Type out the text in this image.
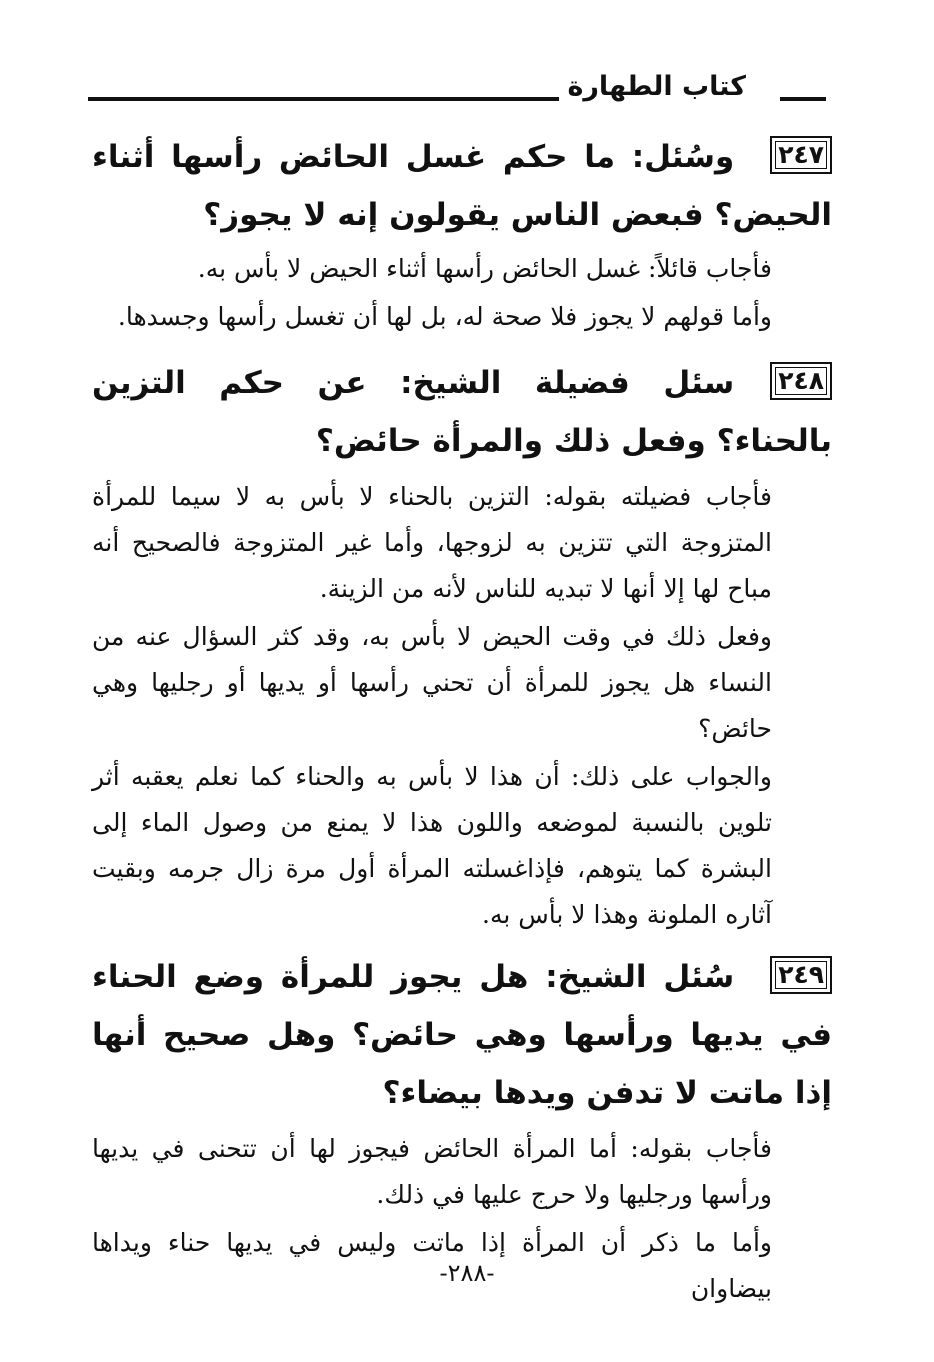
كتاب الطهارة

٢٤٧وسُئل: ما حكم غسل الحائض رأسها أثناء الحيض؟ فبعض الناس يقولون إنه لا يجوز؟

فأجاب قائلاً: غسل الحائض رأسها أثناء الحيض لا بأس به.

وأما قولهم لا يجوز فلا صحة له، بل لها أن تغسل رأسها وجسدها.

٢٤٨سئل فضيلة الشيخ: عن حكم التزين بالحناء؟ وفعل ذلك والمرأة حائض؟

فأجاب فضيلته بقوله: التزين بالحناء لا بأس به لا سيما للمرأة المتزوجة التي تتزين به لزوجها، وأما غير المتزوجة فالصحيح أنه مباح لها إلا أنها لا تبديه للناس لأنه من الزينة.

وفعل ذلك في وقت الحيض لا بأس به، وقد كثر السؤال عنه من النساء هل يجوز للمرأة أن تحني رأسها أو يديها أو رجليها وهي حائض؟

والجواب على ذلك: أن هذا لا بأس به والحناء كما نعلم يعقبه أثر تلوين بالنسبة لموضعه واللون هذا لا يمنع من وصول الماء إلى البشرة كما يتوهم، فإذاغسلته المرأة أول مرة زال جرمه وبقيت آثاره الملونة وهذا لا بأس به.

٢٤٩سُئل الشيخ: هل يجوز للمرأة وضع الحناء في يديها ورأسها وهي حائض؟ وهل صحيح أنها إذا ماتت لا تدفن ويدها بيضاء؟

فأجاب بقوله: أما المرأة الحائض فيجوز لها أن تتحنى في يديها ورأسها ورجليها ولا حرج عليها في ذلك.

وأما ما ذكر أن المرأة إذا ماتت وليس في يديها حناء ويداها بيضاوان

-٢٨٨-
